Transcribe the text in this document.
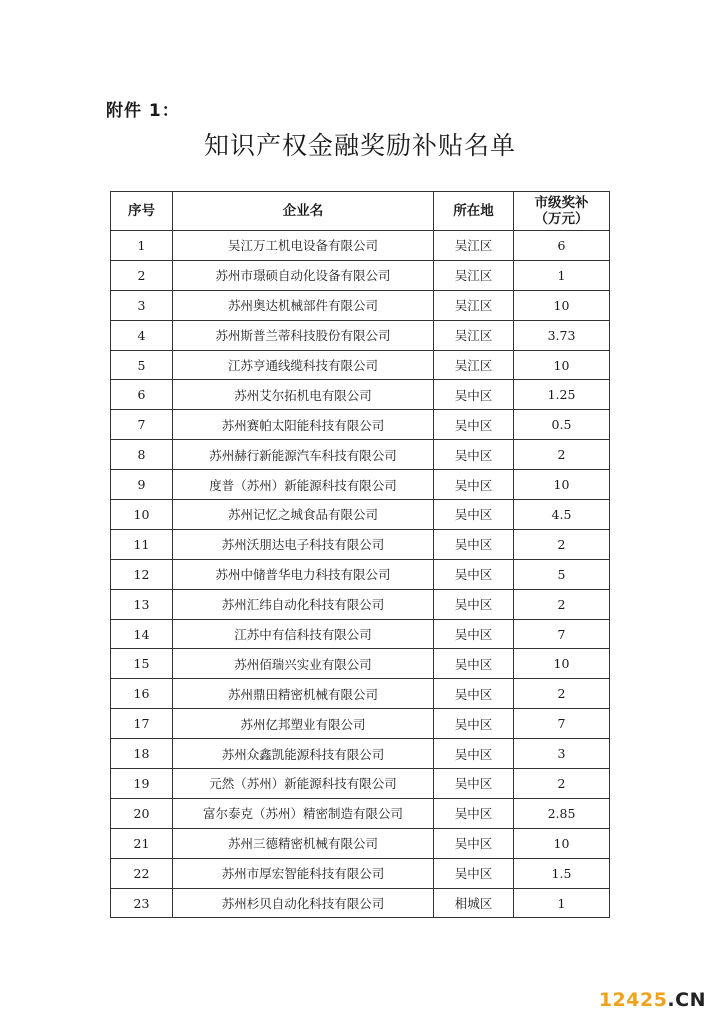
附件 1：
知识产权金融奖励补贴名单
序号	企业名	所在地	市级奖补
（万元）

1	吴江万工机电设备有限公司	吴江区	6
2	苏州市璟硕自动化设备有限公司	吴江区	1
3	苏州奥达机械部件有限公司	吴江区	10
4	苏州斯普兰蒂科技股份有限公司	吴江区	3.73
5	江苏亨通线缆科技有限公司	吴江区	10
6	苏州艾尔拓机电有限公司	吴中区	1.25
7	苏州赛帕太阳能科技有限公司	吴中区	0.5
8	苏州赫行新能源汽车科技有限公司	吴中区	2
9	度普（苏州）新能源科技有限公司	吴中区	10
10	苏州记忆之城食品有限公司	吴中区	4.5
11	苏州沃朋达电子科技有限公司	吴中区	2
12	苏州中储普华电力科技有限公司	吴中区	5
13	苏州汇纬自动化科技有限公司	吴中区	2
14	江苏中有信科技有限公司	吴中区	7
15	苏州佰瑞兴实业有限公司	吴中区	10
16	苏州鼎田精密机械有限公司	吴中区	2
17	苏州亿邦塑业有限公司	吴中区	7
18	苏州众鑫凯能源科技有限公司	吴中区	3
19	元然（苏州）新能源科技有限公司	吴中区	2
20	富尔泰克（苏州）精密制造有限公司	吴中区	2.85
21	苏州三德精密机械有限公司	吴中区	10
22	苏州市厚宏智能科技有限公司	吴中区	1.5
23	苏州杉贝自动化科技有限公司	相城区	1
12425.CN
